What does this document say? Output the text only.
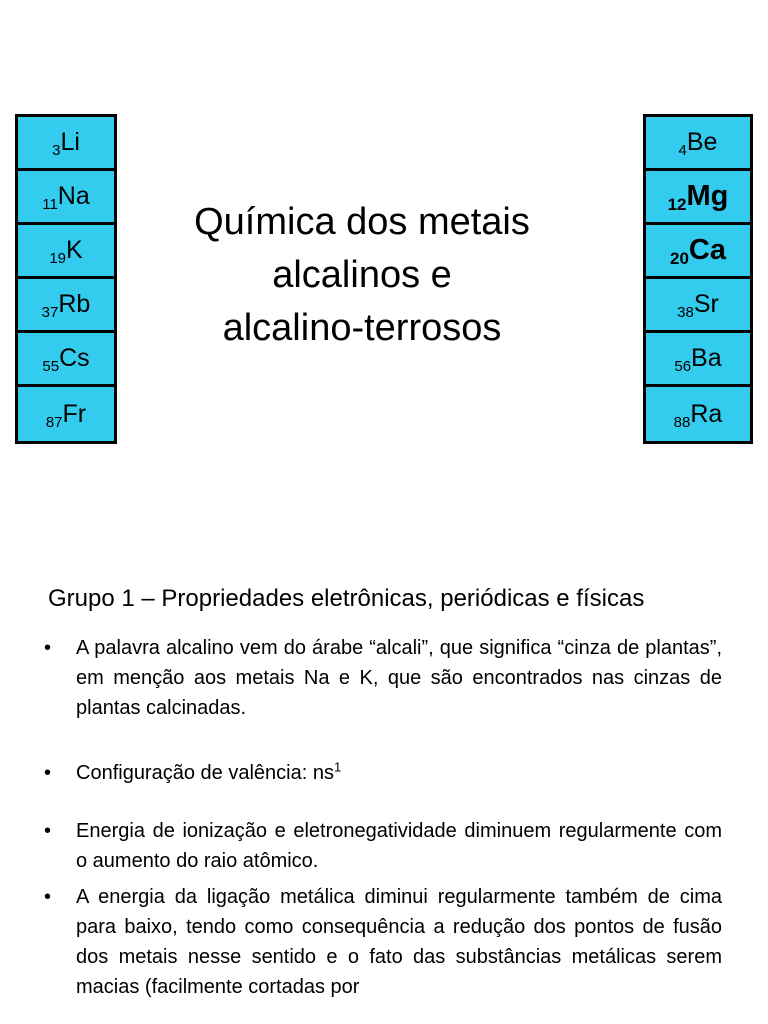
3 Li
11 Na
19 K
37 Rb
55 Cs
87 Fr
Química dos metais
alcalinos e
alcalino-terrosos
4 Be
12 Mg
20 Ca
38 Sr
56 Ba
88 Ra
Grupo 1 – Propriedades eletrônicas, periódicas e físicas
•	A palavra alcalino vem do árabe “alcali”, que significa “cinza de plantas”, em menção aos metais Na e K, que são encontrados nas cinzas de plantas calcinadas.
•	Configuração de valência: $ns^1$
•	Energia de ionização e eletronegatividade diminuem regularmente com o aumento do raio atômico.
•	A energia da ligação metálica diminui regularmente também de cima para baixo, tendo como consequência a redução dos pontos de fusão dos metais nesse sentido e o fato das substâncias metálicas serem macias (facilmente cortadas por
